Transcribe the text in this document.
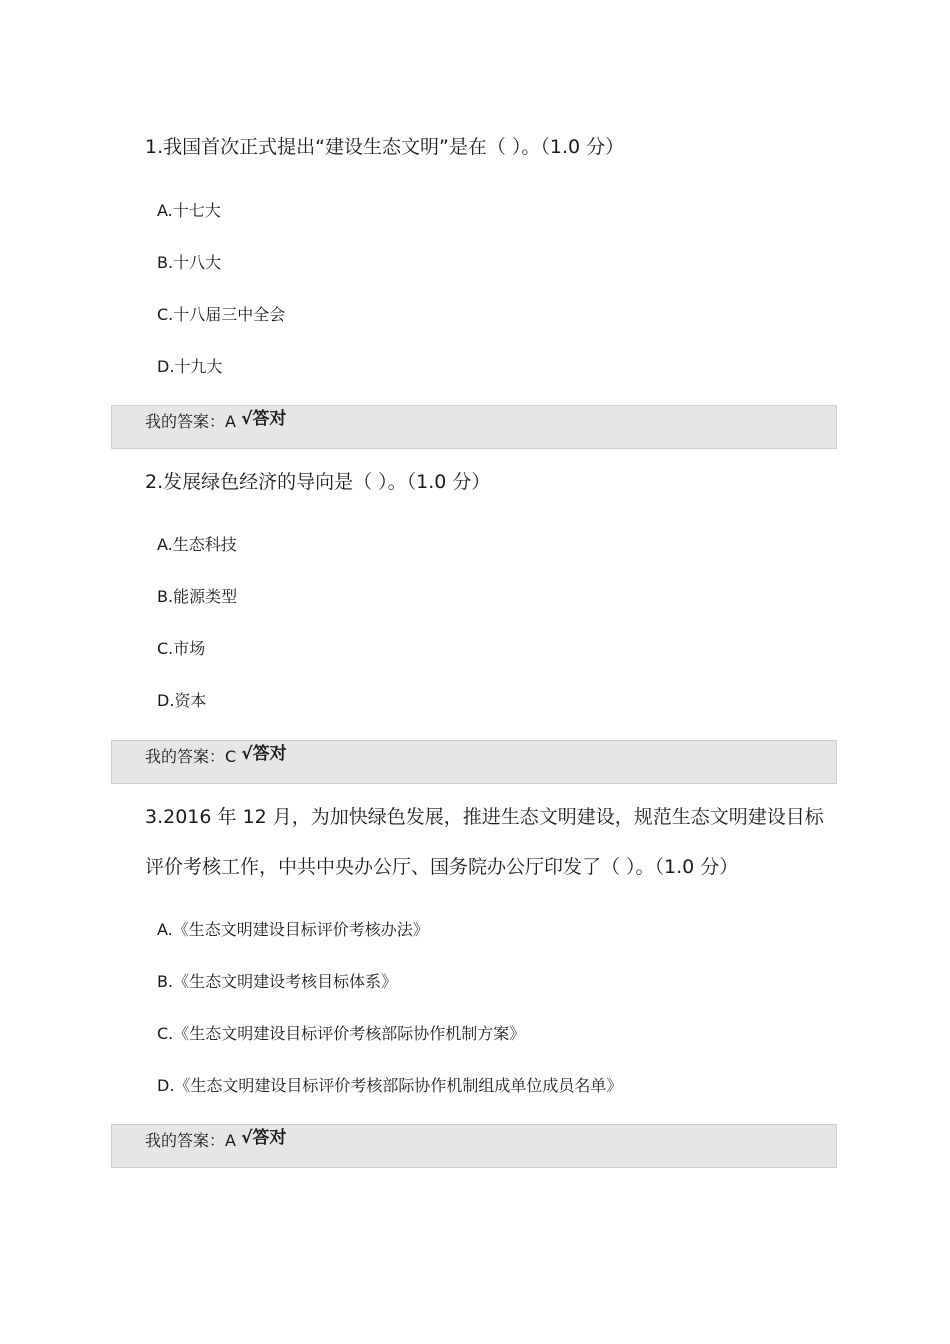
1.我国首次正式提出“建设生态文明”是在（ ）。（1.0 分）
A.十七大
B.十八大
C.十八届三中全会
D.十九大
我的答案：A √答对
2.发展绿色经济的导向是（ ）。（1.0 分）
A.生态科技
B.能源类型
C.市场
D.资本
我的答案：C √答对
3.2016 年 12 月，为加快绿色发展，推进生态文明建设，规范生态文明建设目标评价考核工作，中共中央办公厅、国务院办公厅印发了（ ）。（1.0 分）
A.《生态文明建设目标评价考核办法》
B.《生态文明建设考核目标体系》
C.《生态文明建设目标评价考核部际协作机制方案》
D.《生态文明建设目标评价考核部际协作机制组成单位成员名单》
我的答案：A √答对
